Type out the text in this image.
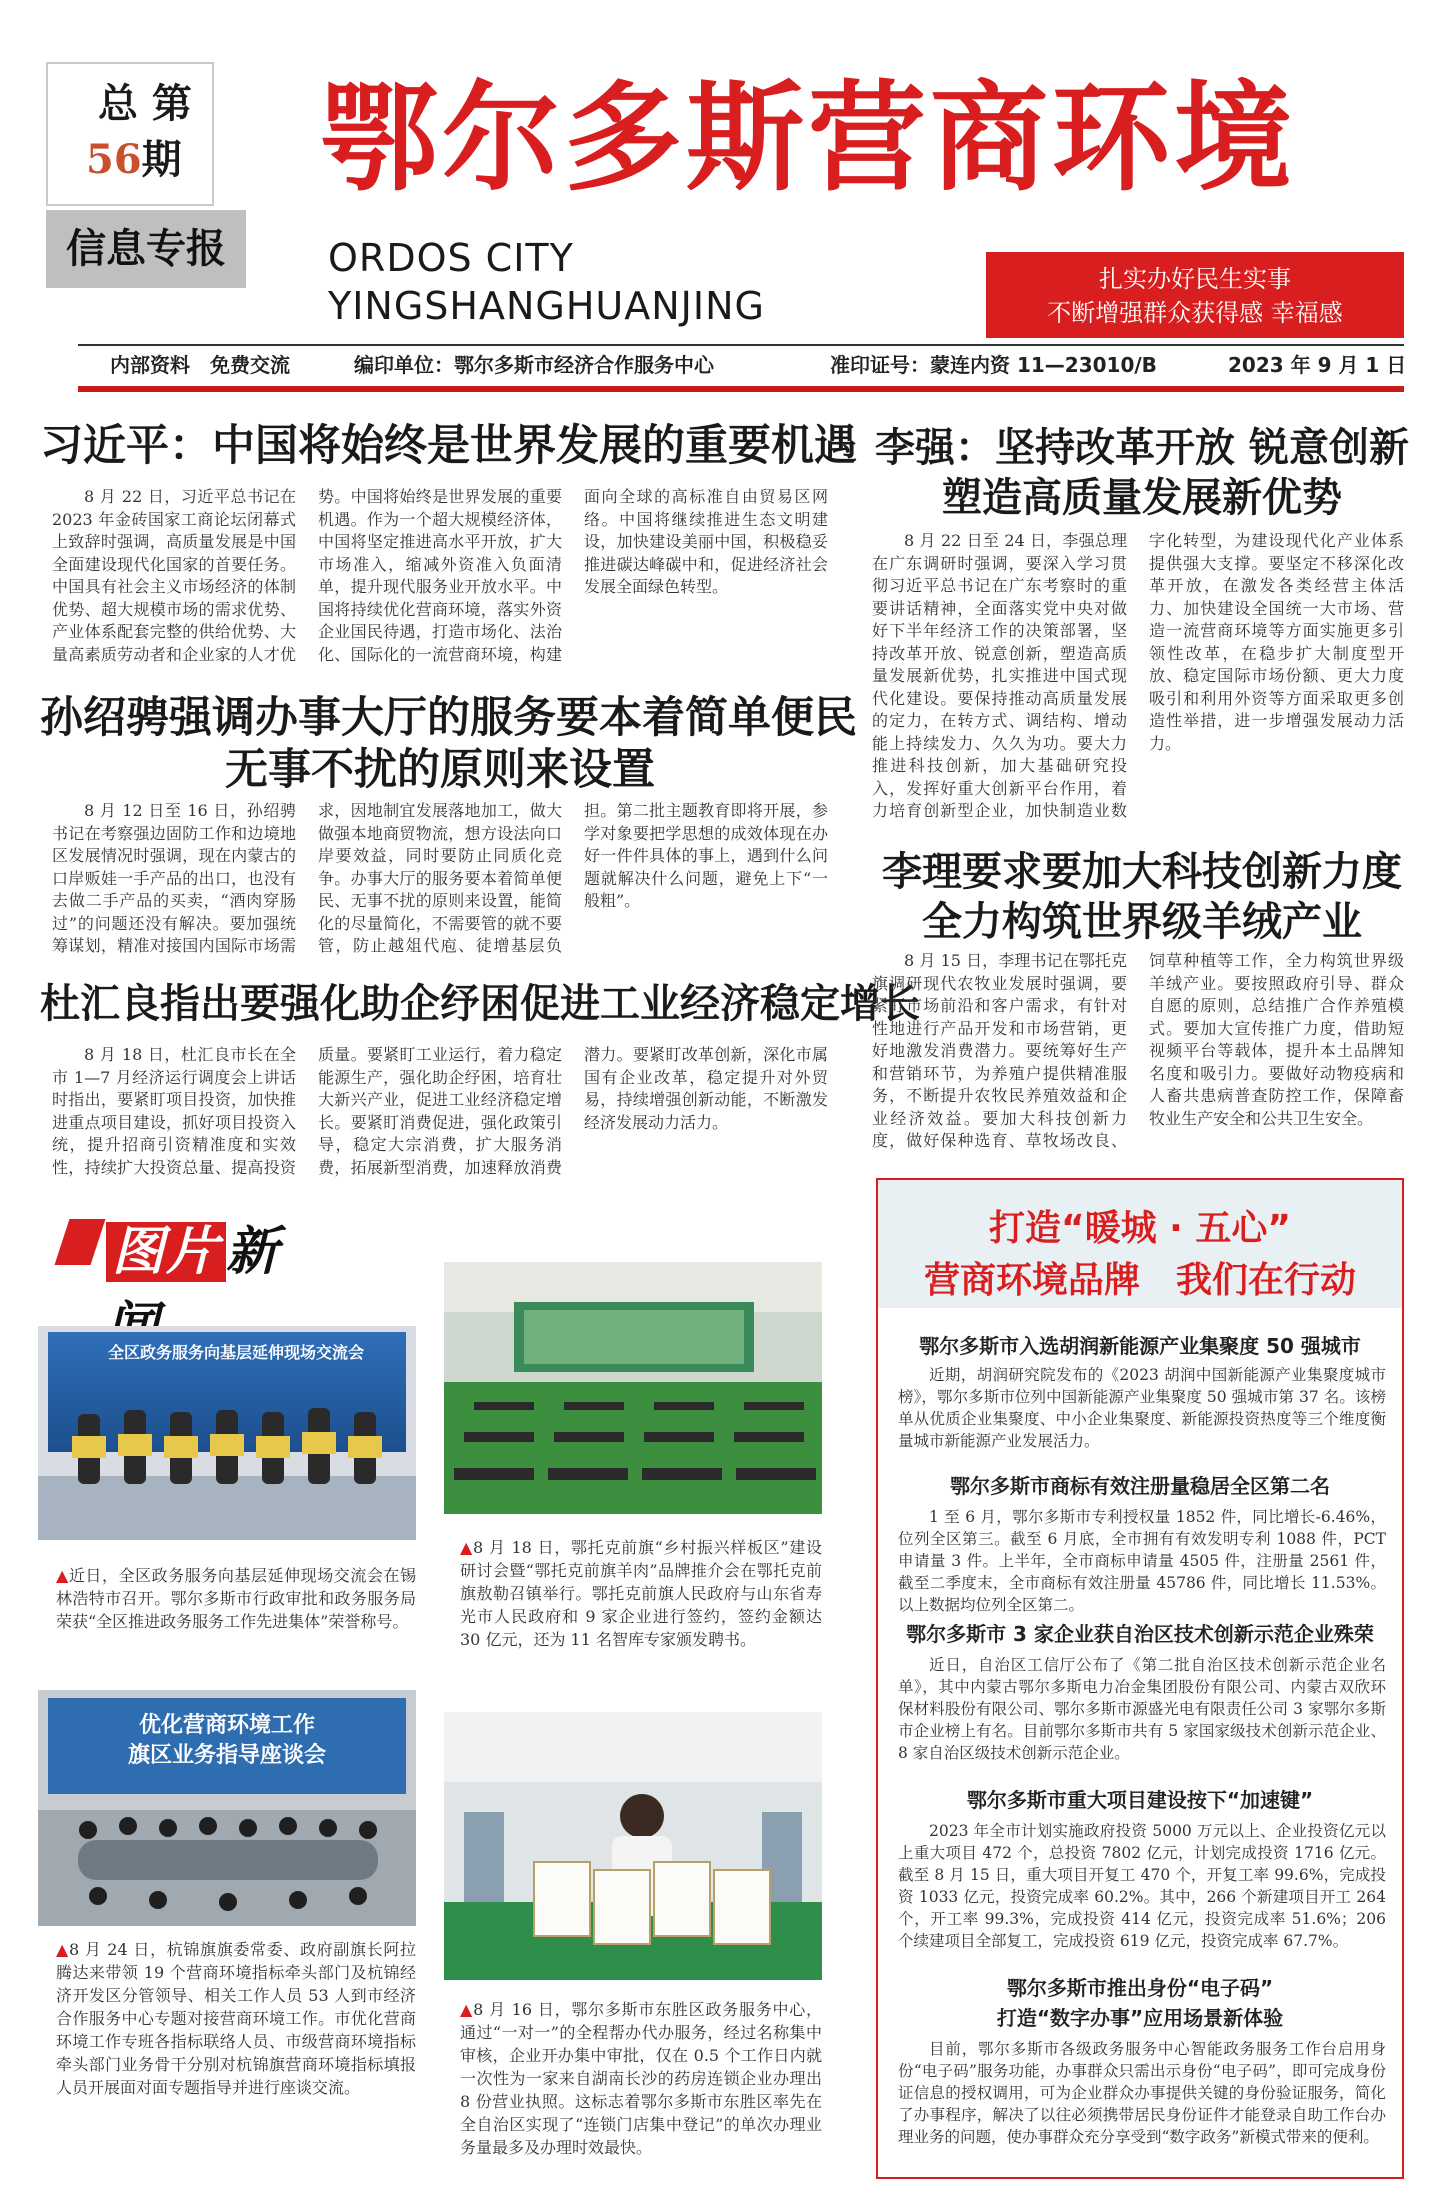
总 第
56期
信息专报
鄂尔多斯营商环境
ORDOS CITY
YINGSHANGHUANJING
扎实办好民生实事
不断增强群众获得感 幸福感
内部资料　免费交流	编印单位：鄂尔多斯市经济合作服务中心	准印证号：蒙连内资 11—23010/B	2023 年 9 月 1 日
习近平：中国将始终是世界发展的重要机遇
8 月 22 日，习近平总书记在 2023 年金砖国家工商论坛闭幕式上致辞时强调，高质量发展是中国全面建设现代化国家的首要任务。中国具有社会主义市场经济的体制优势、超大规模市场的需求优势、产业体系配套完整的供给优势、大量高素质劳动者和企业家的人才优势。中国将始终是世界发展的重要机遇。作为一个超大规模经济体，中国将坚定推进高水平开放，扩大市场准入，缩减外资准入负面清单，提升现代服务业开放水平。中国将持续优化营商环境，落实外资企业国民待遇，打造市场化、法治化、国际化的一流营商环境，构建面向全球的高标准自由贸易区网络。中国将继续推进生态文明建设，加快建设美丽中国，积极稳妥推进碳达峰碳中和，促进经济社会发展全面绿色转型。
孙绍骋强调办事大厅的服务要本着简单便民
无事不扰的原则来设置
8 月 12 日至 16 日，孙绍骋书记在考察强边固防工作和边境地区发展情况时强调，现在内蒙古的口岸贩娃一手产品的出口，也没有去做二手产品的买卖，“酒肉穿肠过”的问题还没有解决。要加强统筹谋划，精准对接国内国际市场需求，因地制宜发展落地加工，做大做强本地商贸物流，想方设法向口岸要效益，同时要防止同质化竞争。办事大厅的服务要本着简单便民、无事不扰的原则来设置，能简化的尽量简化，不需要管的就不要管，防止越俎代庖、徒增基层负担。第二批主题教育即将开展，参学对象要把学思想的成效体现在办好一件件具体的事上，遇到什么问题就解决什么问题，避免上下“一般粗”。
杜汇良指出要强化助企纾困促进工业经济稳定增长
8 月 18 日，杜汇良市长在全市 1—7 月经济运行调度会上讲话时指出，要紧盯项目投资，加快推进重点项目建设，抓好项目投资入统，提升招商引资精准度和实效性，持续扩大投资总量、提高投资质量。要紧盯工业运行，着力稳定能源生产，强化助企纾困，培育壮大新兴产业，促进工业经济稳定增长。要紧盯消费促进，强化政策引导，稳定大宗消费，扩大服务消费，拓展新型消费，加速释放消费潜力。要紧盯改革创新，深化市属国有企业改革，稳定提升对外贸易，持续增强创新动能，不断激发经济发展动力活力。
李强：坚持改革开放 锐意创新
塑造高质量发展新优势
8 月 22 日至 24 日，李强总理在广东调研时强调，要深入学习贯彻习近平总书记在广东考察时的重要讲话精神，全面落实党中央对做好下半年经济工作的决策部署，坚持改革开放、锐意创新，塑造高质量发展新优势，扎实推进中国式现代化建设。要保持推动高质量发展的定力，在转方式、调结构、增动能上持续发力、久久为功。要大力推进科技创新，加大基础研究投入，发挥好重大创新平台作用，着力培育创新型企业，加快制造业数字化转型，为建设现代化产业体系提供强大支撑。要坚定不移深化改革开放，在激发各类经营主体活力、加快建设全国统一大市场、营造一流营商环境等方面实施更多引领性改革，在稳步扩大制度型开放、稳定国际市场份额、更大力度吸引和利用外资等方面采取更多创造性举措，进一步增强发展动力活力。
李理要求要加大科技创新力度
全力构筑世界级羊绒产业
8 月 15 日，李理书记在鄂托克旗调研现代农牧业发展时强调，要紧盯市场前沿和客户需求，有针对性地进行产品开发和市场营销，更好地激发消费潜力。要统筹好生产和营销环节，为养殖户提供精准服务，不断提升农牧民养殖效益和企业经济效益。要加大科技创新力度，做好保种选育、草牧场改良、饲草种植等工作，全力构筑世界级羊绒产业。要按照政府引导、群众自愿的原则，总结推广合作养殖模式。要加大宣传推广力度，借助短视频平台等载体，提升本土品牌知名度和吸引力。要做好动物疫病和人畜共患病普查防控工作，保障畜牧业生产安全和公共卫生安全。
图片 新
全区政务服务向基层延伸现场交流会
▲近日，全区政务服务向基层延伸现场交流会在锡林浩特市召开。鄂尔多斯市行政审批和政务服务局荣获“全区推进政务服务工作先进集体”荣誉称号。
▲8 月 18 日，鄂托克前旗“乡村振兴样板区”建设研讨会暨“鄂托克前旗羊肉”品牌推介会在鄂托克前旗敖勒召镇举行。鄂托克前旗人民政府与山东省寿光市人民政府和 9 家企业进行签约，签约金额达 30 亿元，还为 11 名智库专家颁发聘书。
优化营商环境工作
旗区业务指导座谈会
▲8 月 24 日，杭锦旗旗委常委、政府副旗长阿拉腾达来带领 19 个营商环境指标牵头部门及杭锦经济开发区分管领导、相关工作人员 53 人到市经济合作服务中心专题对接营商环境工作。市优化营商环境工作专班各指标联络人员、市级营商环境指标牵头部门业务骨干分别对杭锦旗营商环境指标填报人员开展面对面专题指导并进行座谈交流。
▲8 月 16 日，鄂尔多斯市东胜区政务服务中心，通过“一对一”的全程帮办代办服务，经过名称集中审核，企业开办集中审批，仅在 0.5 个工作日内就一次性为一家来自湖南长沙的药房连锁企业办理出 8 份营业执照。这标志着鄂尔多斯市东胜区率先在全自治区实现了“连锁门店集中登记”的单次办理业务量最多及办理时效最快。
打造“暖城 · 五心”
营商环境品牌　我们在行动
鄂尔多斯市入选胡润新能源产业集聚度 50 强城市
近期，胡润研究院发布的《2023 胡润中国新能源产业集聚度城市榜》，鄂尔多斯市位列中国新能源产业集聚度 50 强城市第 37 名。该榜单从优质企业集聚度、中小企业集聚度、新能源投资热度等三个维度衡量城市新能源产业发展活力。
鄂尔多斯市商标有效注册量稳居全区第二名
1 至 6 月，鄂尔多斯市专利授权量 1852 件，同比增长-6.46%，位列全区第三。截至 6 月底，全市拥有有效发明专利 1088 件，PCT 申请量 3 件。上半年，全市商标申请量 4505 件，注册量 2561 件，截至二季度末，全市商标有效注册量 45786 件，同比增长 11.53%。以上数据均位列全区第二。
鄂尔多斯市 3 家企业获自治区技术创新示范企业殊荣
近日，自治区工信厅公布了《第二批自治区技术创新示范企业名单》，其中内蒙古鄂尔多斯电力冶金集团股份有限公司、内蒙古双欣环保材料股份有限公司、鄂尔多斯市源盛光电有限责任公司 3 家鄂尔多斯市企业榜上有名。目前鄂尔多斯市共有 5 家国家级技术创新示范企业、8 家自治区级技术创新示范企业。
鄂尔多斯市重大项目建设按下“加速键”
2023 年全市计划实施政府投资 5000 万元以上、企业投资亿元以上重大项目 472 个，总投资 7802 亿元，计划完成投资 1716 亿元。截至 8 月 15 日，重大项目开复工 470 个，开复工率 99.6%，完成投资 1033 亿元，投资完成率 60.2%。其中，266 个新建项目开工 264 个，开工率 99.3%，完成投资 414 亿元，投资完成率 51.6%；206 个续建项目全部复工，完成投资 619 亿元，投资完成率 67.7%。
鄂尔多斯市推出身份“电子码”
打造“数字办事”应用场景新体验
目前，鄂尔多斯市各级政务服务中心智能政务服务工作台启用身份“电子码”服务功能，办事群众只需出示身份“电子码”，即可完成身份证信息的授权调用，可为企业群众办事提供关键的身份验证服务，简化了办事程序，解决了以往必须携带居民身份证件才能登录自助工作台办理业务的问题，使办事群众充分享受到“数字政务”新模式带来的便利。
